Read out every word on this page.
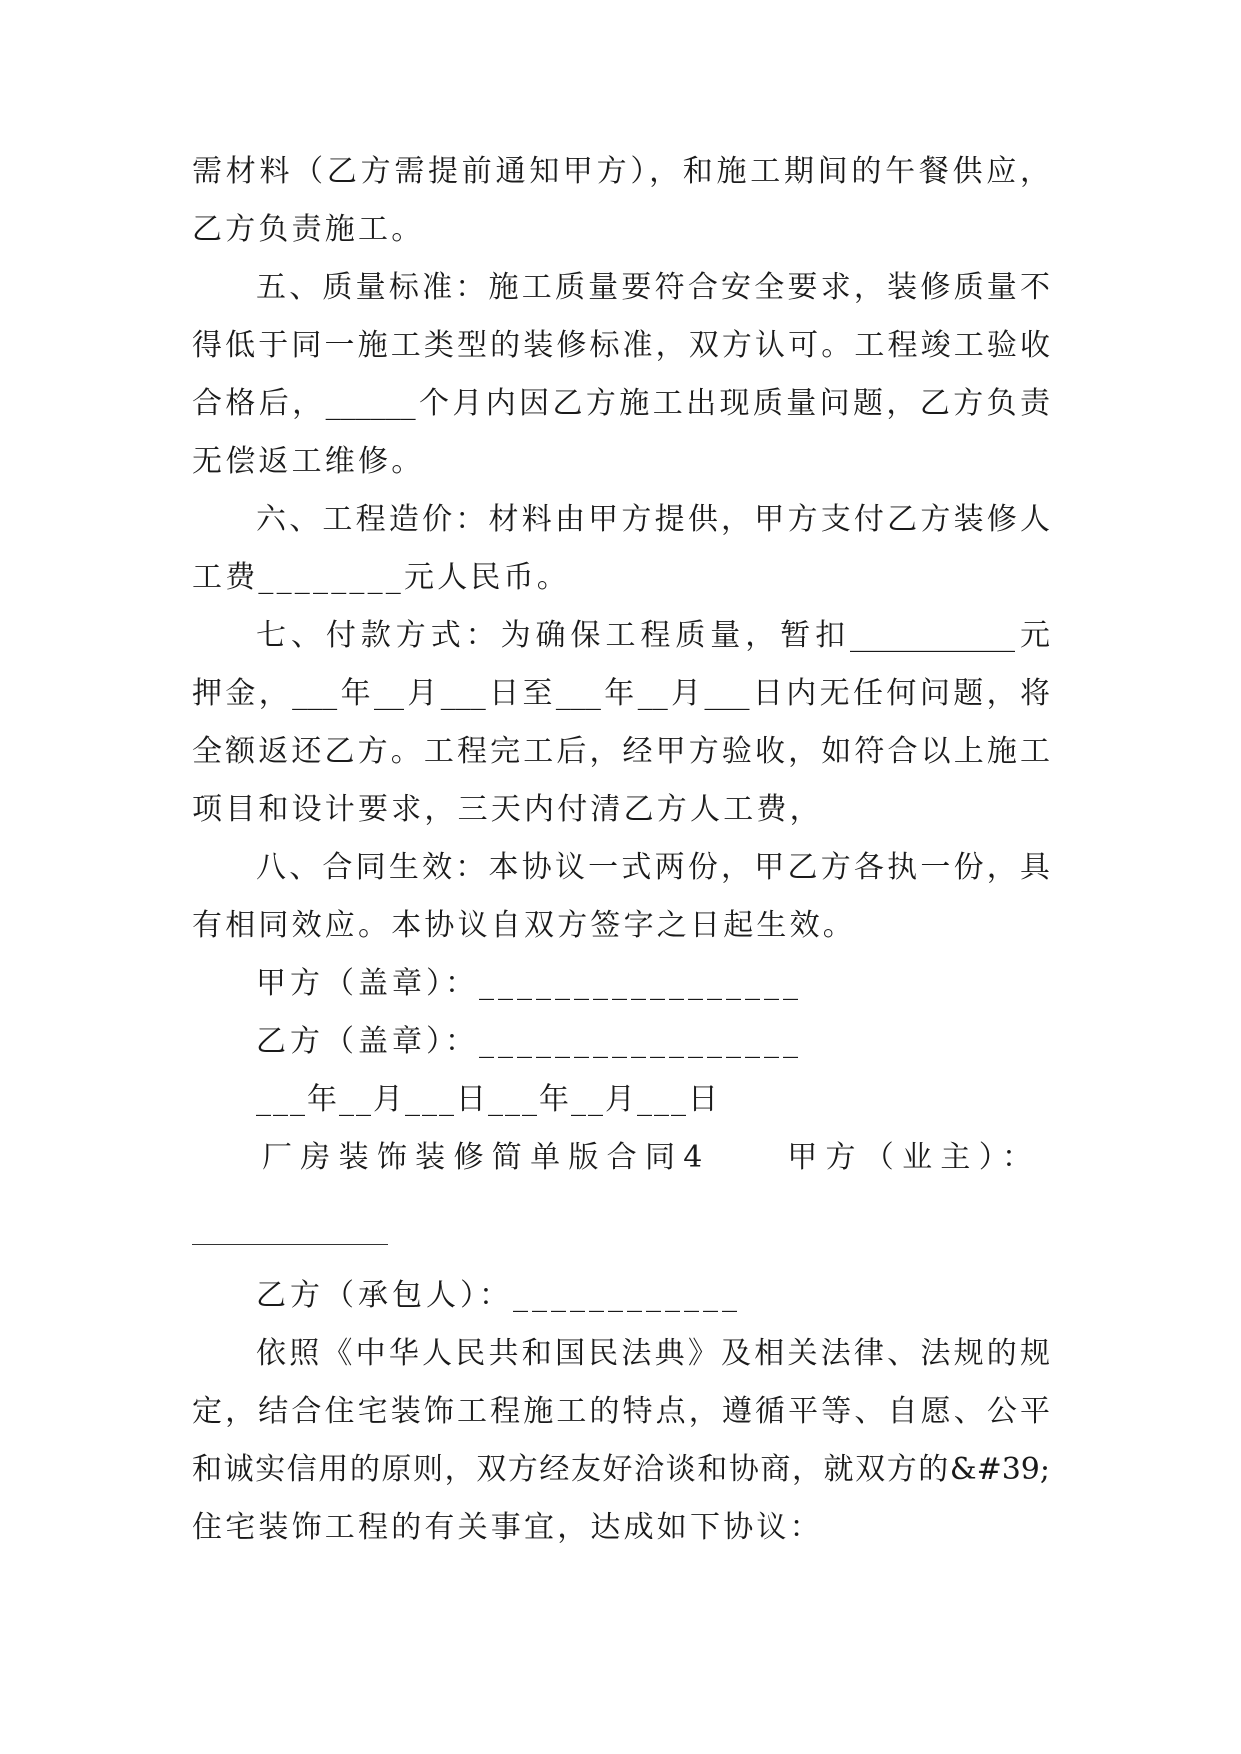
需材料（乙方需提前通知甲方），和施工期间的午餐供应，
乙方负责施工。
五、质量标准：施工质量要符合安全要求，装修质量不
得低于同一施工类型的装修标准，双方认可。工程竣工验收
合格后，______个月内因乙方施工出现质量问题，乙方负责
无偿返工维修。
六、工程造价：材料由甲方提供，甲方支付乙方装修人
工费________元人民币。
七、付款方式：为确保工程质量，暂扣___________元
押金，___年__月___日至___年__月___日内无任何问题，将
全额返还乙方。工程完工后，经甲方验收，如符合以上施工
项目和设计要求，三天内付清乙方人工费，
八、合同生效：本协议一式两份，甲乙方各执一份，具
有相同效应。本协议自双方签字之日起生效。
甲方（盖章）：_________________
乙方（盖章）：_________________
___年__月___日___年__月___日
厂房装饰装修简单版合同4　　甲方（业主）：
乙方（承包人）：____________
依照《中华人民共和国民法典》及相关法律、法规的规
定，结合住宅装饰工程施工的特点，遵循平等、自愿、公平
和诚实信用的原则，双方经友好洽谈和协商，就双方的&#39;
住宅装饰工程的有关事宜，达成如下协议：
